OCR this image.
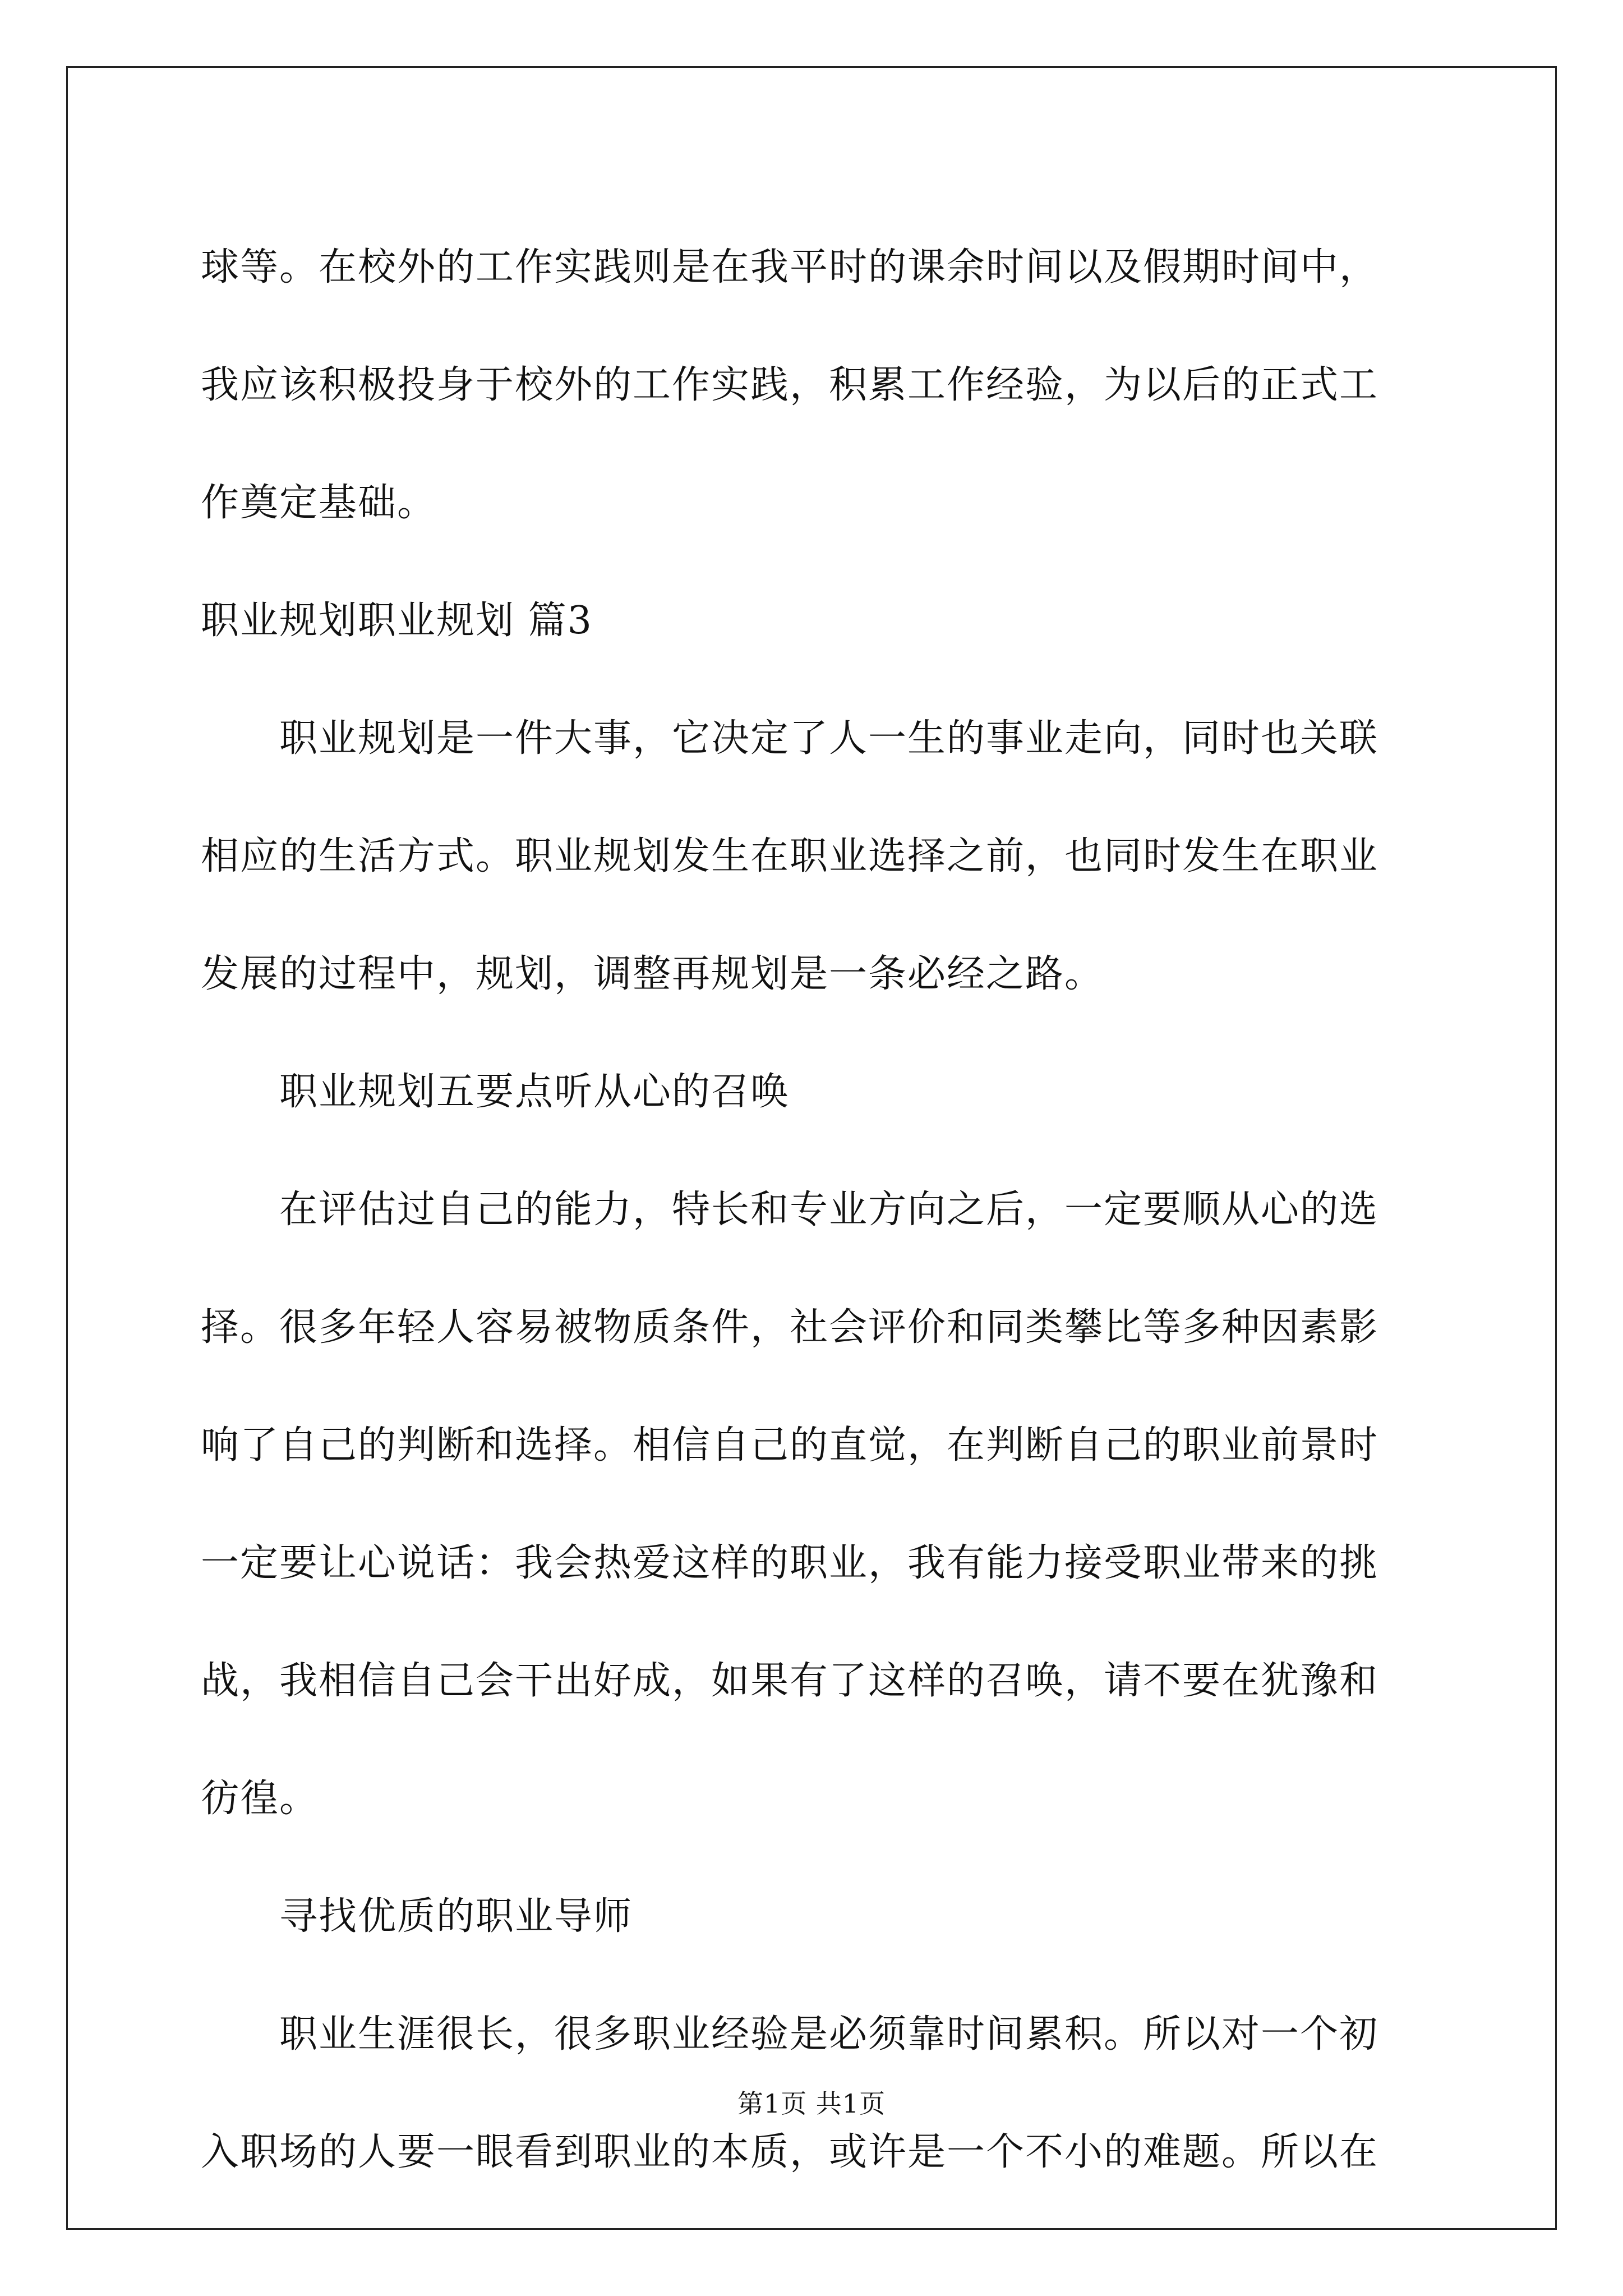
球等。在校外的工作实践则是在我平时的课余时间以及假期时间中，
我应该积极投身于校外的工作实践，积累工作经验，为以后的正式工
作奠定基础。
职业规划职业规划 篇3
职业规划是一件大事，它决定了人一生的事业走向，同时也关联
相应的生活方式。职业规划发生在职业选择之前，也同时发生在职业
发展的过程中，规划，调整再规划是一条必经之路。
职业规划五要点听从心的召唤
在评估过自己的能力，特长和专业方向之后，一定要顺从心的选
择。很多年轻人容易被物质条件，社会评价和同类攀比等多种因素影
响了自己的判断和选择。相信自己的直觉，在判断自己的职业前景时
一定要让心说话：我会热爱这样的职业，我有能力接受职业带来的挑
战，我相信自己会干出好成，如果有了这样的召唤，请不要在犹豫和
彷徨。
寻找优质的职业导师
职业生涯很长，很多职业经验是必须靠时间累积。所以对一个初
入职场的人要一眼看到职业的本质，或许是一个不小的难题。所以在
第1页 共1页
